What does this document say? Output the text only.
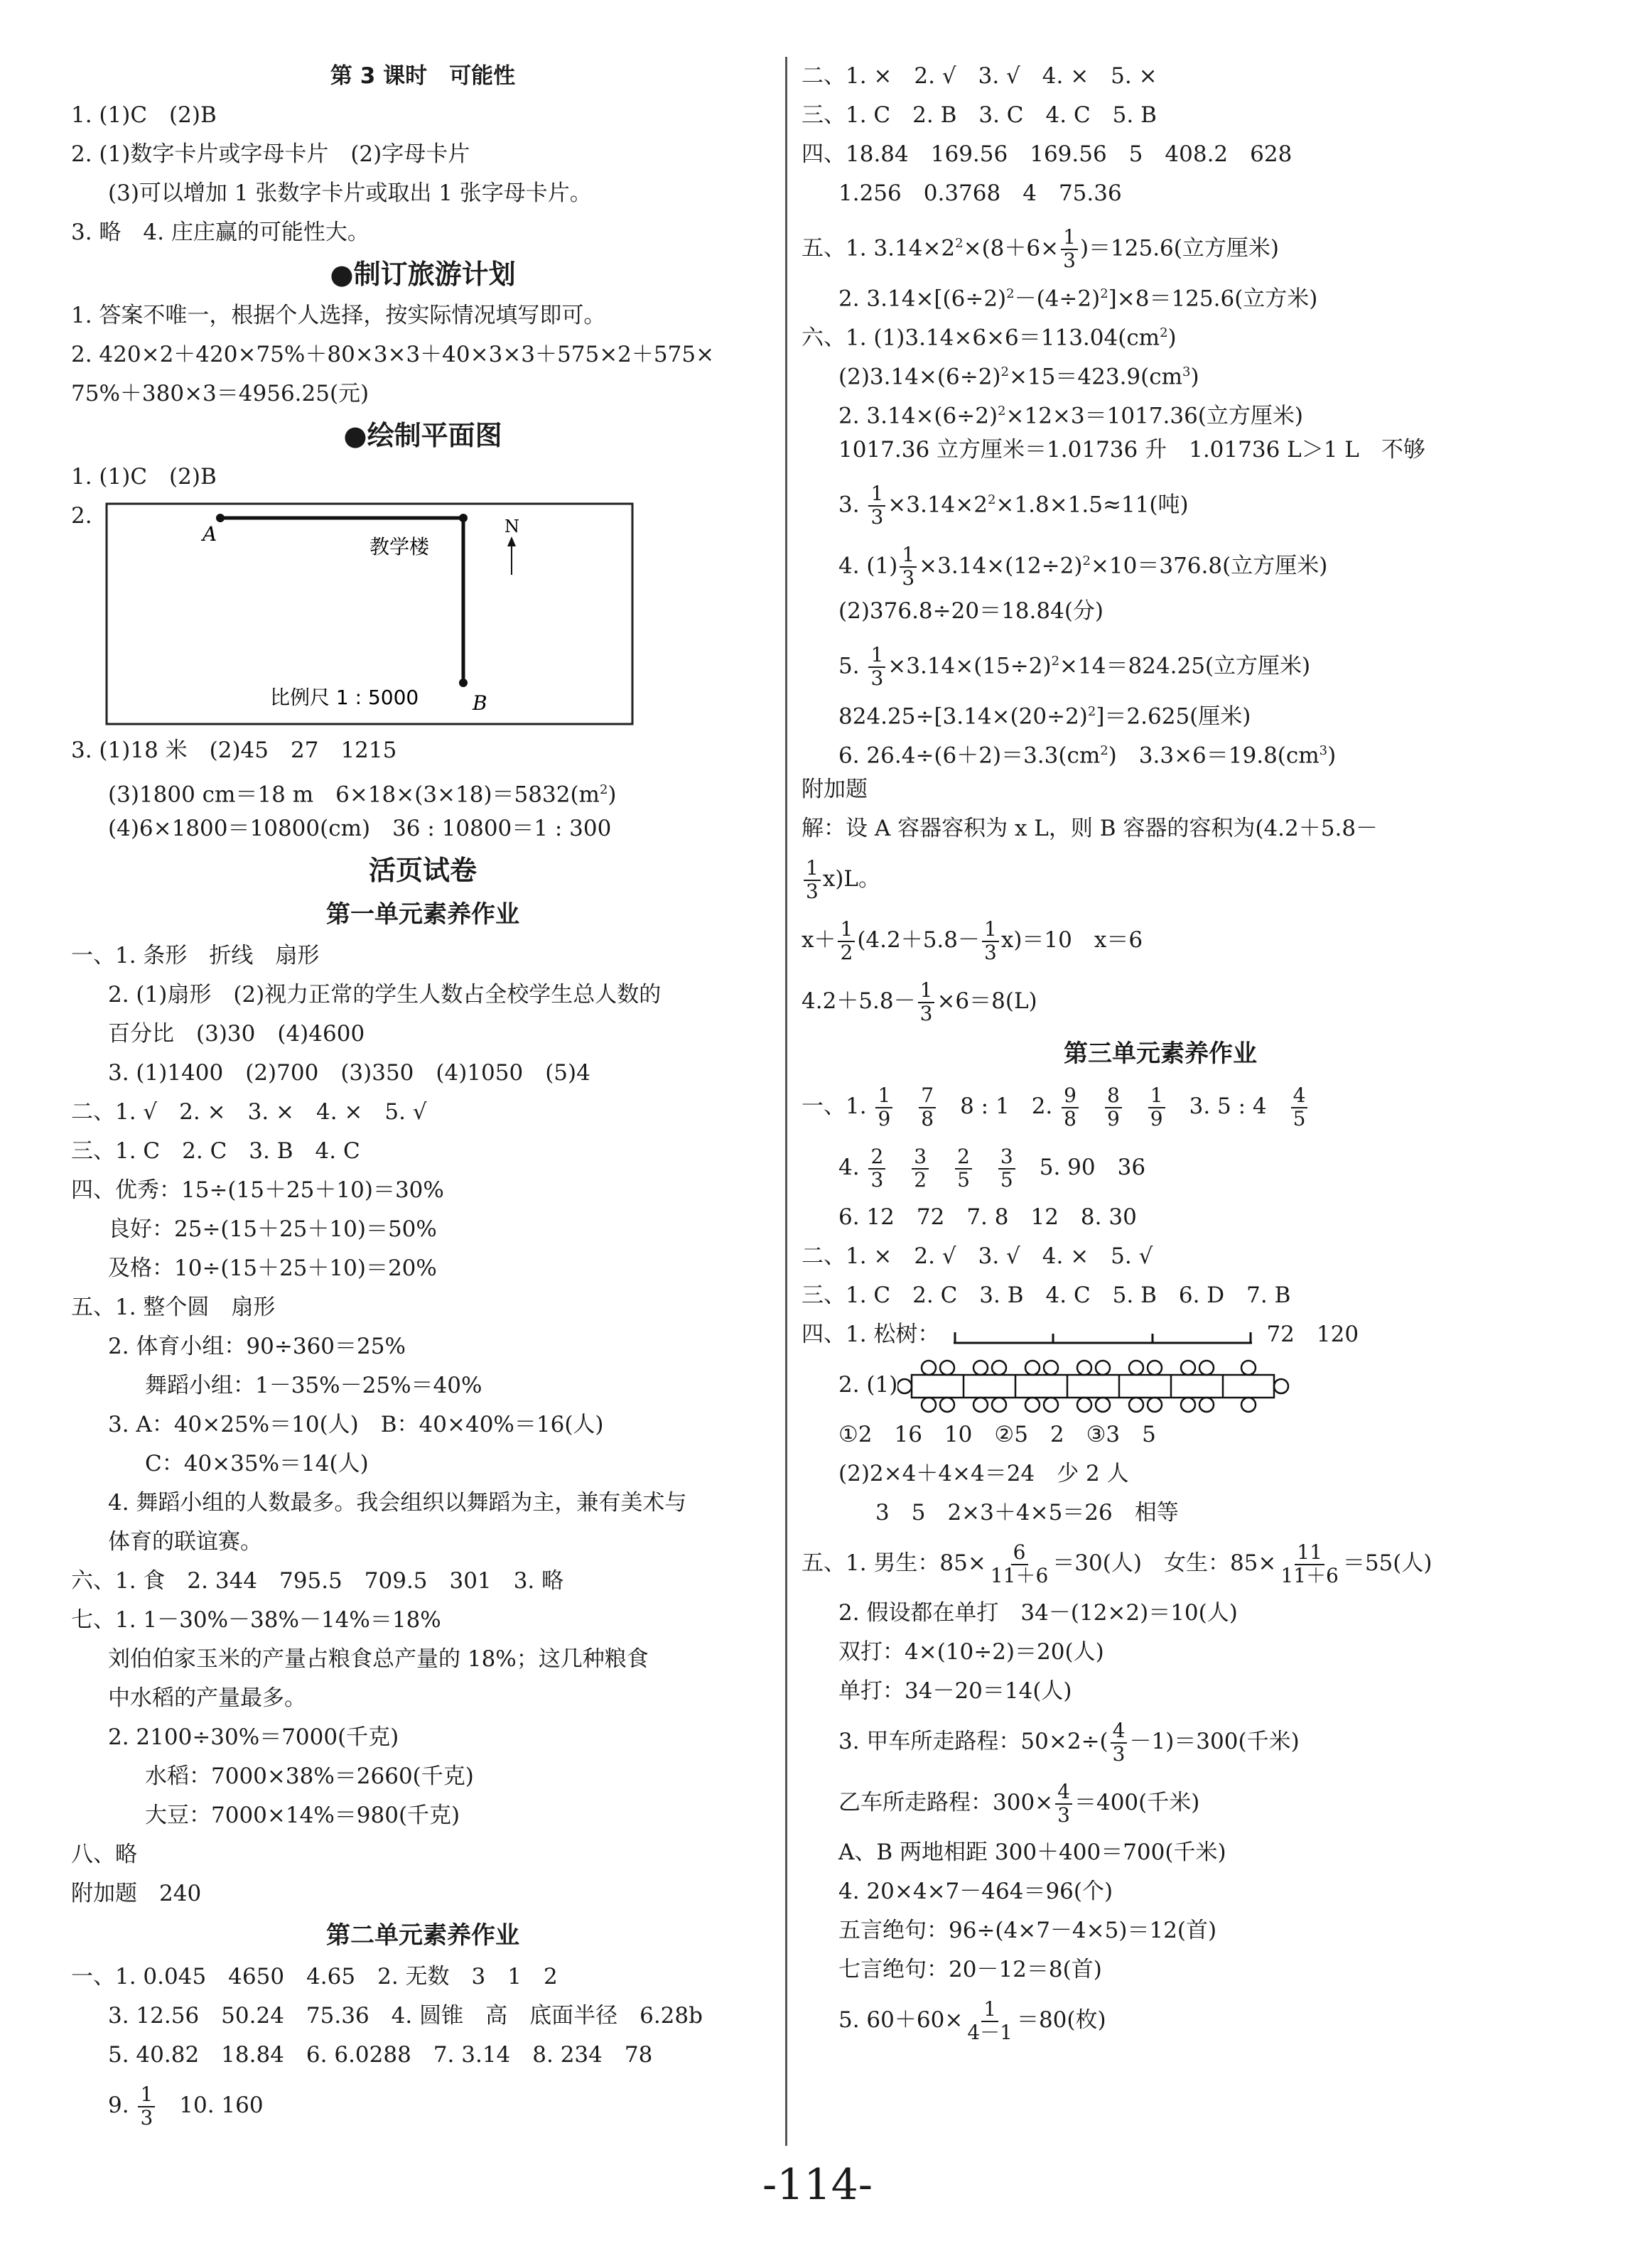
第 3 课时　可能性
1. (1)C　(2)B
2. (1)数字卡片或字母卡片　(2)字母卡片
(3)可以增加 1 张数字卡片或取出 1 张字母卡片。
3. 略　4. 庄庄赢的可能性大。
●制订旅游计划
1. 答案不唯一，根据个人选择，按实际情况填写即可。
2. 420×2＋420×75%＋80×3×3＋40×3×3＋575×2＋575×
75%＋380×3＝4956.25(元)
●绘制平面图
1. (1)C　(2)B
2.
A
教学楼
N
比例尺 1 : 5000	B
3. (1)18 米　(2)45　27　1215
(3)1800 cm＝18 m　$6\times 18\times(3\times 18)=5832(m^2)$
(4)6×1800＝10800(cm)　36 : 10800＝1 : 300
活页试卷
第一单元素养作业
一、1. 条形　折线　扇形
2. (1)扇形　(2)视力正常的学生人数占全校学生总人数的
百分比　(3)30　(4)4600
3. (1)1400　(2)700　(3)350　(4)1050　(5)4
二、1. √　2. ×　3. ×　4. ×　5. √
三、1. C　2. C　3. B　4. C
四、优秀：15÷(15＋25＋10)＝30%
良好：25÷(15＋25＋10)＝50%
及格：10÷(15＋25＋10)＝20%
五、1. 整个圆　扇形
2. 体育小组：90÷360＝25%
舞蹈小组：1－35%－25%＝40%
3. A：40×25%＝10(人)　B：40×40%＝16(人)
C：40×35%＝14(人)
4. 舞蹈小组的人数最多。我会组织以舞蹈为主，兼有美术与
体育的联谊赛。
六、1. 食　2. 344　795.5　709.5　301　3. 略
七、1. 1－30%－38%－14%＝18%
刘伯伯家玉米的产量占粮食总产量的 18%；这几种粮食
中水稻的产量最多。
2. 2100÷30%＝7000(千克)
水稻：7000×38%＝2660(千克)
大豆：7000×14%＝980(千克)
八、略
附加题　240
第二单元素养作业
一、1. 0.045　4650　4.65　2. 无数　3　1　2
3. 12.56　50.24　75.36　4. 圆锥　高　底面半径　6.28b
5. 40.82　18.84　6. 6.0288　7. 3.14　8. 234　78
9. $\frac{1}{3}$
　 10. 160
二、1. ×　2. √　3. √　4. ×　5. ×
三、1. C　2. B　3. C　4. C　5. B
四、18.84　169.56　169.56　5　408.2　628
1.256　0.3768　4　75.36
五、1. $3.14\times 2^2\times(8+6\times \frac{1}{3} )=125.6$(立方厘米)
2. $3.14\times[(6\div 2)^2-(4\div 2)^2]\times 8=125.6$(立方米)
六、1. $(1)3.14\times 6\times 6=113.04(cm^2)$
$(2)3.14\times(6\div 2)^2\times 15=423.9(cm^3)$
2. $3.14\times(6\div 2)^2\times 12\times 3=1017.36$(立方厘米)
1017.36 立方厘米＝1.01736 升　1.01736 L＞1 L　不够
3. $\frac{1}{3} \times 3.14\times 2^2\times 1.8\times 1.5\approx 11$(吨)
4. $(1) \frac{1}{3} \times 3.14\times(12\div 2)^2\times 10=376.8$(立方厘米)
(2)376.8÷20＝18.84(分)
5. $\frac{1}{3} \times 3.14\times(15\div 2)^2\times 14=824.25$(立方厘米)
$824.25\div[3.14\times(20\div 2)^2]=2.625$(厘米)
6. $26.4\div(6+2)=3.3(cm^2)$　$3.3\times 6=19.8(cm^3)$
附加题
解：设 A 容器容积为 x L，则 B 容器的容积为(4.2＋5.8－
$\frac{1}{3} x)L$。
$x+ \frac{1}{2} (4.2+5.8- \frac{1}{3} x)=10$　x＝6
$4.2+5.8- \frac{1}{3} \times 6=8(L)$
第三单元素养作业
一、1. $\frac{1}{9}$
　 $\frac{7}{8}$
　 8 : 1　2. $\frac{9}{8}$
　 $\frac{8}{9}$
　 $\frac{1}{9}$
　 3. 5 : 4　 $\frac{4}{5}$
4. $\frac{2}{3}$
　 $\frac{3}{2}$
　 $\frac{2}{5}$
　 $\frac{3}{5}$
　 5. 90　36
6. 12　72　7. 8　12　8. 30
二、1. ×　2. √　3. √　4. ×　5. √
三、1. C　2. C　3. B　4. C　5. B　6. D　7. B
四、1. 松树：	72　120
2. (1)
①2　16　10　②5　2　③3　5
(2)2×4＋4×4＝24　少 2 人
3　5　2×3＋4×5＝26　相等
五、1. 男生：$85\times \frac{6}{11+6} =30$(人)　女生：$85\times \frac{11}{11+6} =55$(人)
2. 假设都在单打　34－(12×2)＝10(人)
双打：4×(10÷2)＝20(人)
单打：34－20＝14(人)
3. 甲车所走路程：$50\times 2\div( \frac{4}{3} -1)=300$(千米)
乙车所走路程：$300\times \frac{4}{3} =400$(千米)
A、B 两地相距 300＋400＝700(千米)
4. 20×4×7－464＝96(个)
五言绝句：96÷(4×7－4×5)＝12(首)
七言绝句：20－12＝8(首)
5. $60+60\times \frac{1}{4-1} =80$(枚)
-114-
